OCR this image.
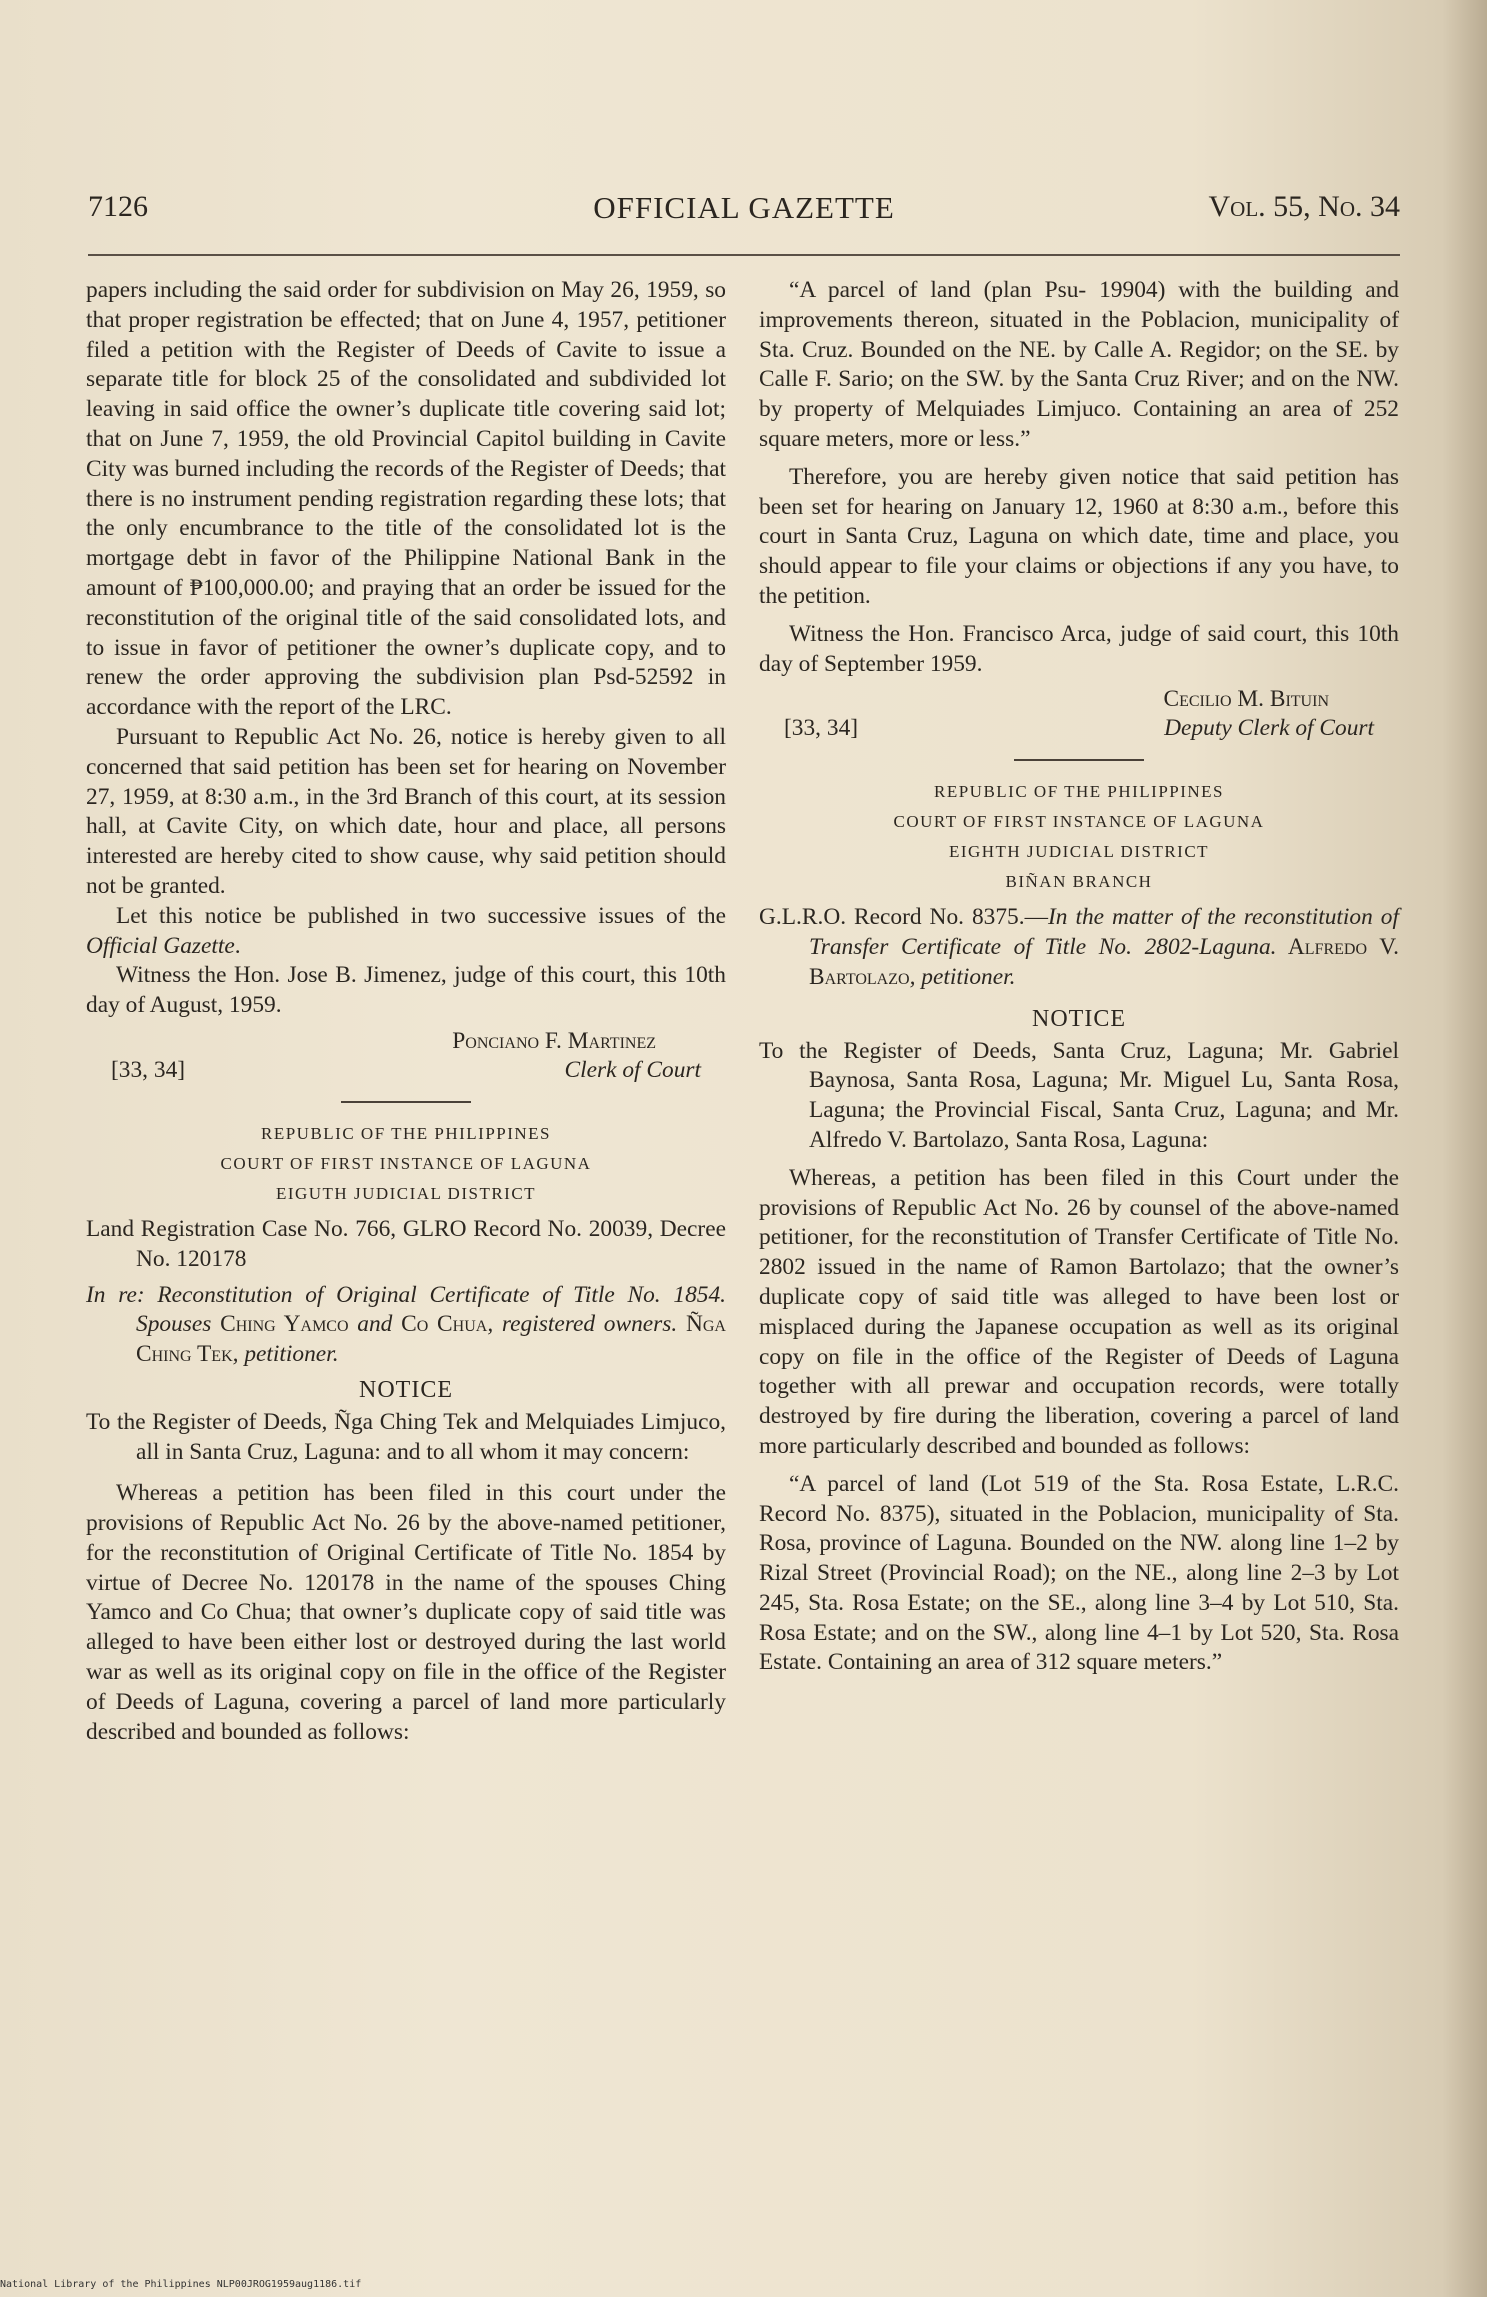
7126	OFFICIAL GAZETTE	Vol. 55, No. 34

papers including the said order for subdivision on May 26, 1959, so that proper registration be effected; that on June 4, 1957, petitioner filed a petition with the Register of Deeds of Cavite to issue a separate title for block 25 of the consolidated and subdivided lot leaving in said office the owner’s duplicate title covering said lot; that on June 7, 1959, the old Provincial Capitol building in Cavite City was burned including the records of the Register of Deeds; that there is no instrument pending registration regarding these lots; that the only encumbrance to the title of the consolidated lot is the mortgage debt in favor of the Philippine National Bank in the amount of ₱100,000.00; and praying that an order be issued for the reconstitution of the original title of the said consolidated lots, and to issue in favor of petitioner the owner’s duplicate copy, and to renew the order approving the subdivision plan Psd-52592 in accordance with the report of the LRC.

Pursuant to Republic Act No. 26, notice is hereby given to all concerned that said petition has been set for hearing on November 27, 1959, at 8:30 a.m., in the 3rd Branch of this court, at its session hall, at Cavite City, on which date, hour and place, all persons interested are hereby cited to show cause, why said petition should not be granted.

Let this notice be published in two successive issues of the Official Gazette.

Witness the Hon. Jose B. Jimenez, judge of this court, this 10th day of August, 1959.

Ponciano F. Martinez
[33, 34]	Clerk of Court
REPUBLIC OF THE PHILIPPINES
COURT OF FIRST INSTANCE OF LAGUNA
EIGUTH JUDICIAL DISTRICT

Land Registration Case No. 766, GLRO Record No. 20039, Decree No. 120178

In re: Reconstitution of Original Certificate of Title No. 1854. Spouses Ching Yamco and Co Chua, registered owners. Ñga Ching Tek, petitioner.

NOTICE

To the Register of Deeds, Ñga Ching Tek and Melquiades Limjuco, all in Santa Cruz, Laguna: and to all whom it may concern:

Whereas a petition has been filed in this court under the provisions of Republic Act No. 26 by the above-named petitioner, for the reconstitution of Original Certificate of Title No. 1854 by virtue of Decree No. 120178 in the name of the spouses Ching Yamco and Co Chua; that owner’s duplicate copy of said title was alleged to have been either lost or destroyed during the last world war as well as its original copy on file in the office of the Register of Deeds of Laguna, covering a parcel of land more particularly described and bounded as follows:

“A parcel of land (plan Psu- 19904) with the building and improvements thereon, situated in the Poblacion, municipality of Sta. Cruz. Bounded on the NE. by Calle A. Regidor; on the SE. by Calle F. Sario; on the SW. by the Santa Cruz River; and on the NW. by property of Melquiades Limjuco. Containing an area of 252 square meters, more or less.”

Therefore, you are hereby given notice that said petition has been set for hearing on January 12, 1960 at 8:30 a.m., before this court in Santa Cruz, Laguna on which date, time and place, you should appear to file your claims or objections if any you have, to the petition.

Witness the Hon. Francisco Arca, judge of said court, this 10th day of September 1959.

Cecilio M. Bituin
[33, 34]	Deputy Clerk of Court
REPUBLIC OF THE PHILIPPINES
COURT OF FIRST INSTANCE OF LAGUNA
EIGHTH JUDICIAL DISTRICT
BIÑAN BRANCH

G.L.R.O. Record No. 8375.—In the matter of the reconstitution of Transfer Certificate of Title No. 2802-Laguna. Alfredo V. Bartolazo, petitioner.

NOTICE

To the Register of Deeds, Santa Cruz, Laguna; Mr. Gabriel Baynosa, Santa Rosa, Laguna; Mr. Miguel Lu, Santa Rosa, Laguna; the Provincial Fiscal, Santa Cruz, Laguna; and Mr. Alfredo V. Bartolazo, Santa Rosa, Laguna:

Whereas, a petition has been filed in this Court under the provisions of Republic Act No. 26 by counsel of the above-named petitioner, for the reconstitution of Transfer Certificate of Title No. 2802 issued in the name of Ramon Bartolazo; that the owner’s duplicate copy of said title was alleged to have been lost or misplaced during the Japanese occupation as well as its original copy on file in the office of the Register of Deeds of Laguna together with all prewar and occupation records, were totally destroyed by fire during the liberation, covering a parcel of land more particularly described and bounded as follows:

“A parcel of land (Lot 519 of the Sta. Rosa Estate, L.R.C. Record No. 8375), situated in the Poblacion, municipality of Sta. Rosa, province of Laguna. Bounded on the NW. along line 1–2 by Rizal Street (Provincial Road); on the NE., along line 2–3 by Lot 245, Sta. Rosa Estate; on the SE., along line 3–4 by Lot 510, Sta. Rosa Estate; and on the SW., along line 4–1 by Lot 520, Sta. Rosa Estate. Containing an area of 312 square meters.”

National Library of the Philippines NLP00JROG1959aug1186.tif
